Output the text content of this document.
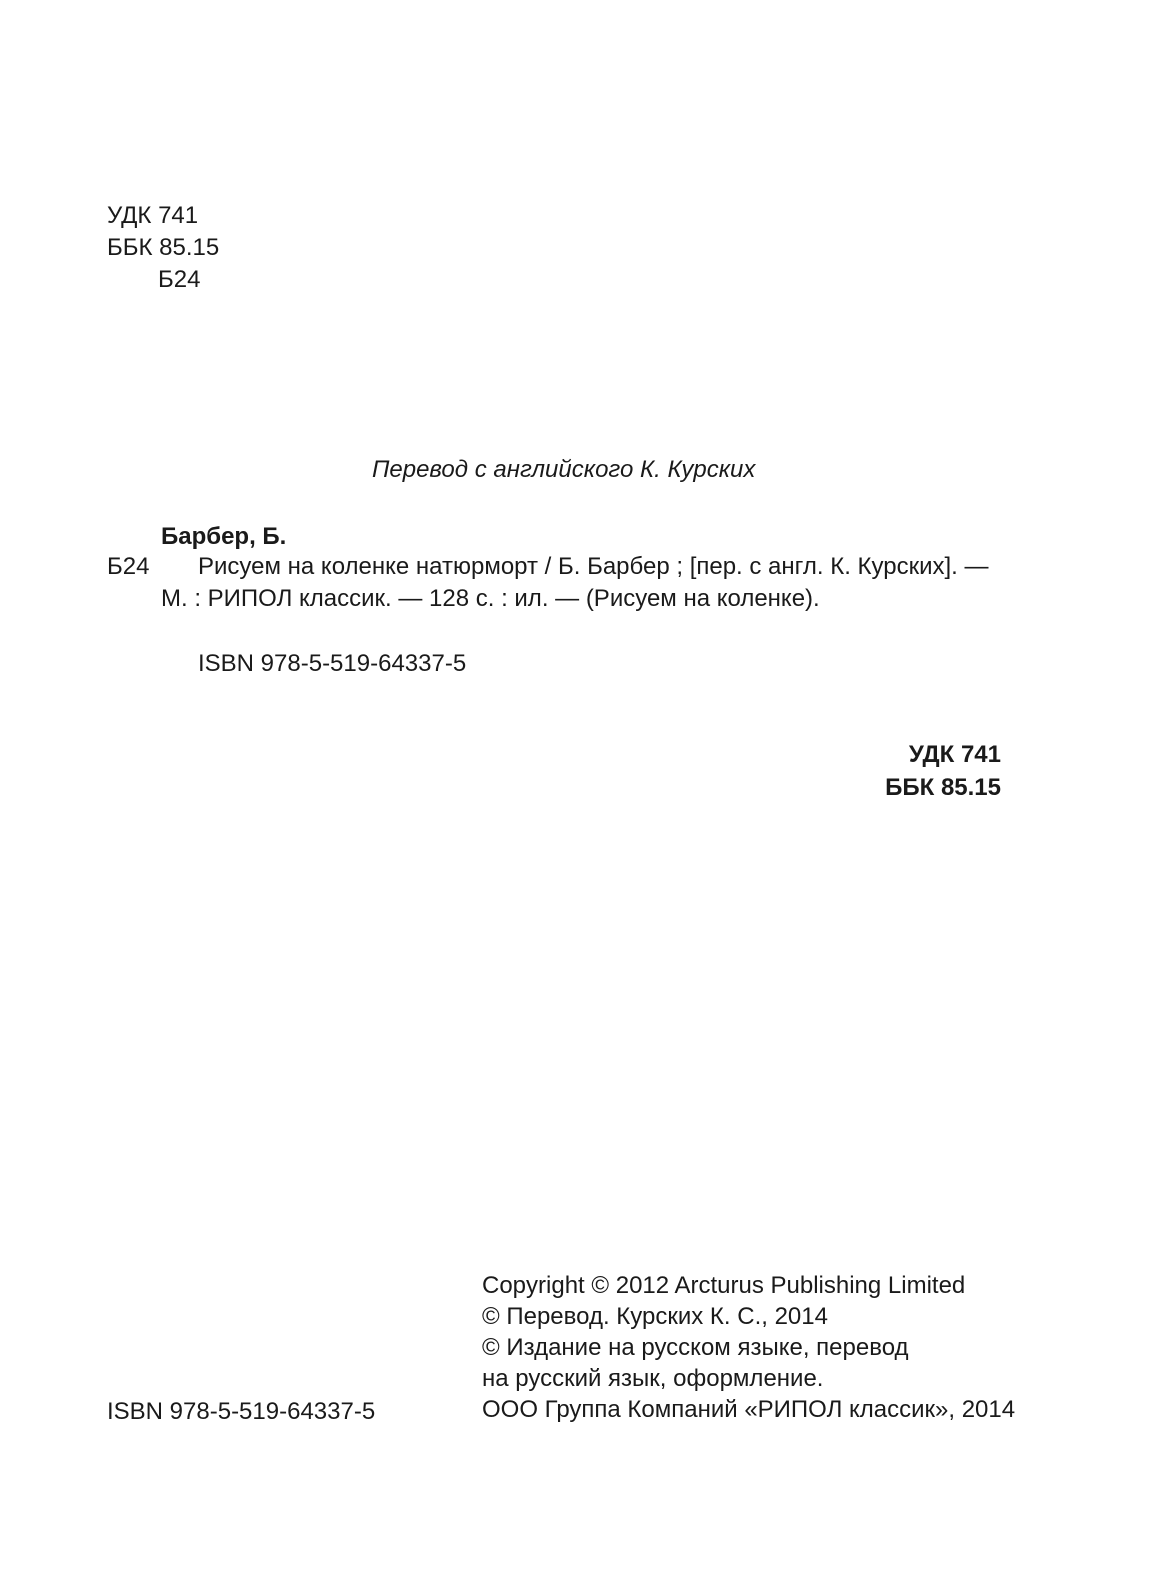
УДК 741
ББК 85.15
Б24
Перевод с английского К. Курских
Барбер, Б.
Б24 Рисуем на коленке натюрморт / Б. Барбер ; [пер. с англ. К. Курских]. —
М. : РИПОЛ классик. — 128 с. : ил. — (Рисуем на коленке).
ISBN 978-5-519-64337-5
УДК 741
ББК 85.15
Copyright © 2012 Arcturus Publishing Limited
© Перевод. Курских К. С., 2014
© Издание на русском языке, перевод
на русский язык, оформление.
ООО Группа Компаний «РИПОЛ классик», 2014
ISBN 978-5-519-64337-5
